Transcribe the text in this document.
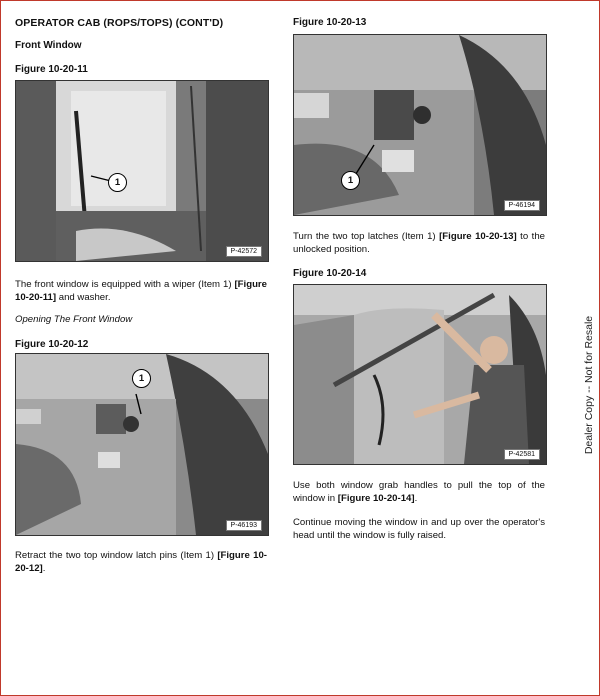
OPERATOR CAB (ROPS/TOPS) (CONT'D)
Front Window
Figure 10-20-11
1
P-42572
The front window is equipped with a wiper (Item 1) [Figure 10-20-11] and washer.
Opening The Front Window
Figure 10-20-12
1
P-46193
Retract the two top window latch pins (Item 1) [Figure 10-20-12].
Figure 10-20-13
1
P-46194
Turn the two top latches (Item 1) [Figure 10-20-13] to the unlocked position.
Figure 10-20-14
P-42581
Use both window grab handles to pull the top of the window in [Figure 10-20-14].
Continue moving the window in and up over the operator's head until the window is fully raised.
Dealer Copy -- Not for Resale
